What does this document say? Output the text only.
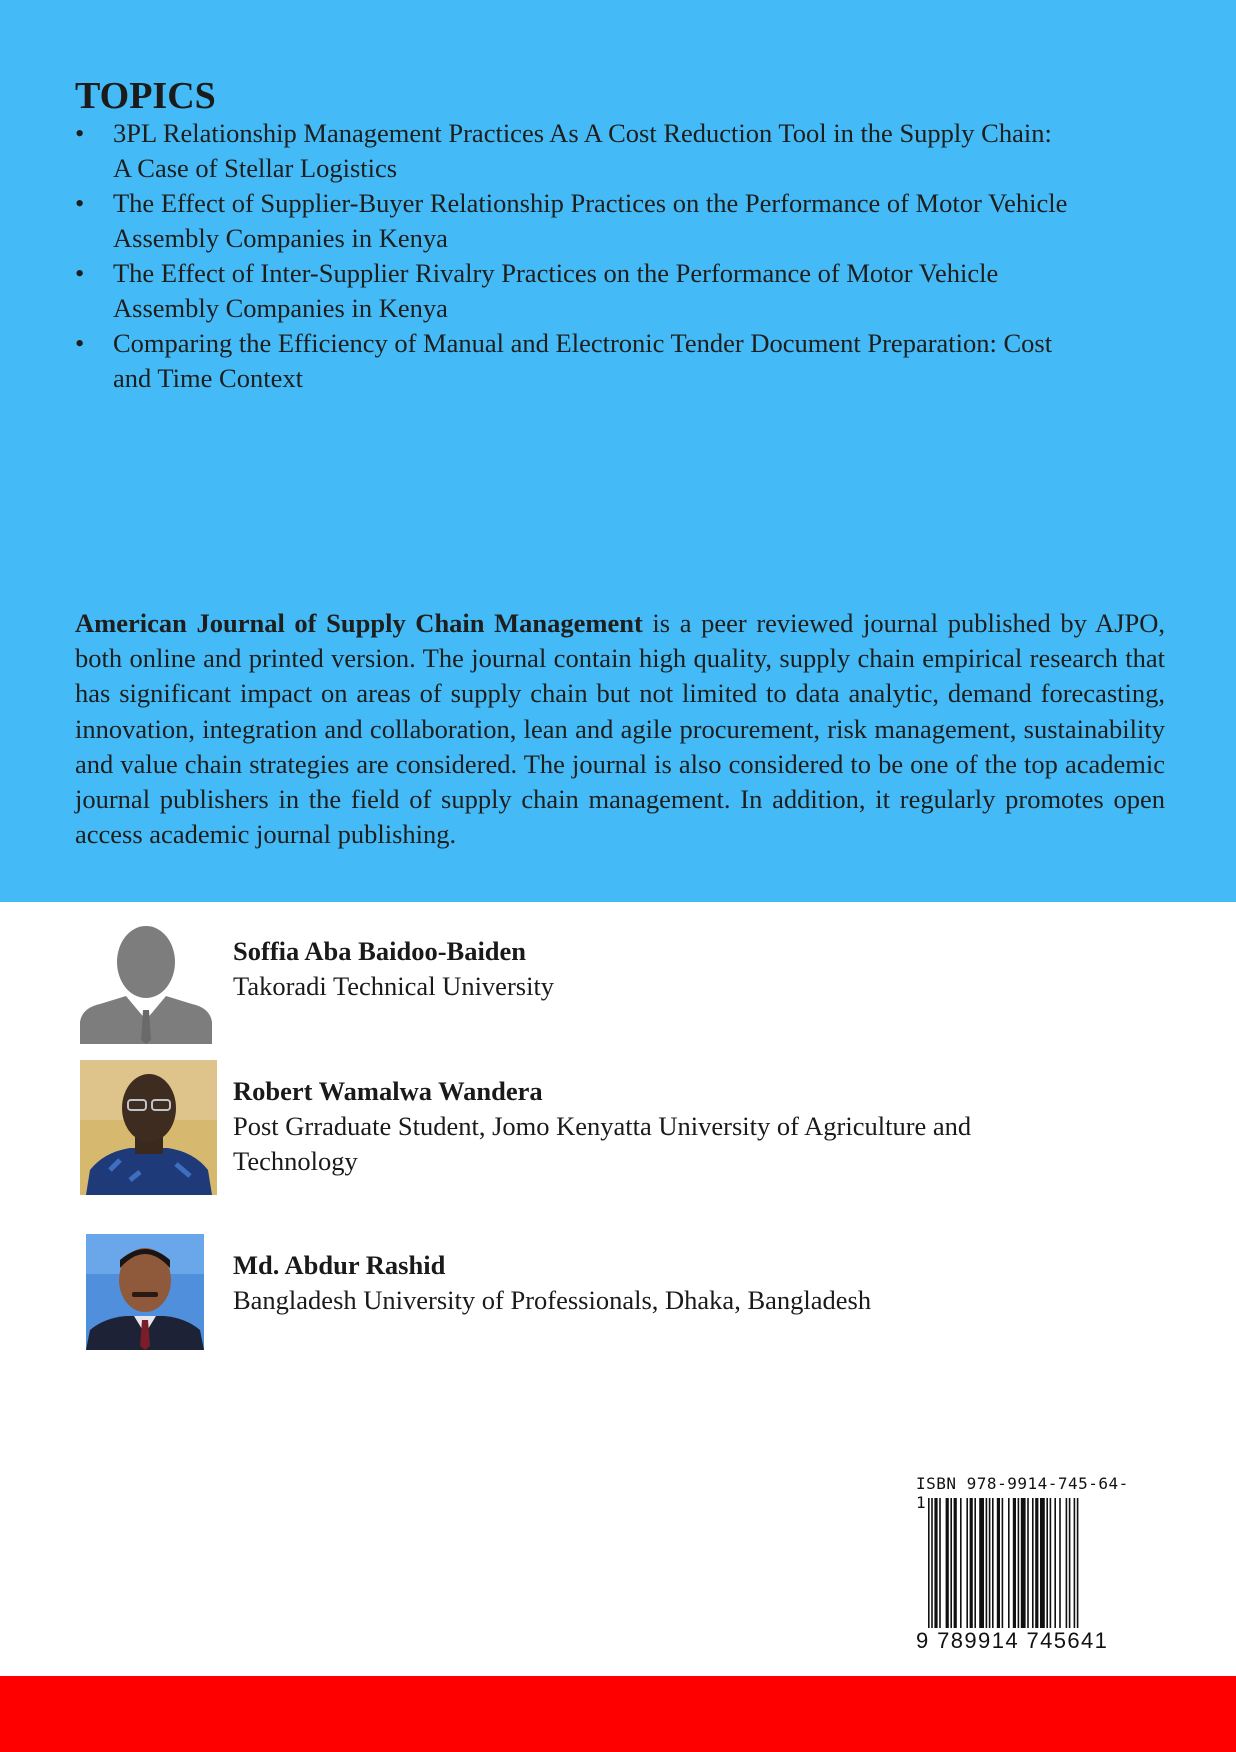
TOPICS
• 3PL Relationship Management Practices As A Cost Reduction Tool in the Supply Chain:
A Case of Stellar Logistics
• The Effect of Supplier-Buyer Relationship Practices on the Performance of Motor Vehicle
Assembly Companies in Kenya
• The Effect of Inter-Supplier Rivalry Practices on the Performance of Motor Vehicle
Assembly Companies in Kenya
• Comparing the Efficiency of Manual and Electronic Tender Document Preparation: Cost
and Time Context

American Journal of Supply Chain Management is a peer reviewed journal published by AJPO, both online and printed version. The journal contain high quality, supply chain empirical research that has significant impact on areas of supply chain but not limited to data analytic, demand forecasting, innovation, integration and collaboration, lean and agile procurement, risk management, sustainability and value chain strategies are considered. The journal is also considered to be one of the top academic journal publishers in the field of supply chain management. In addition, it regularly promotes open access academic journal publishing.

Soffia Aba Baidoo-Baiden

Takoradi Technical University

Robert Wamalwa Wandera

Post Grraduate Student, Jomo Kenyatta University of Agriculture and Technology

Md. Abdur Rashid

Bangladesh University of Professionals, Dhaka, Bangladesh

ISBN 978-9914-745-64-1

9 789914 745641
